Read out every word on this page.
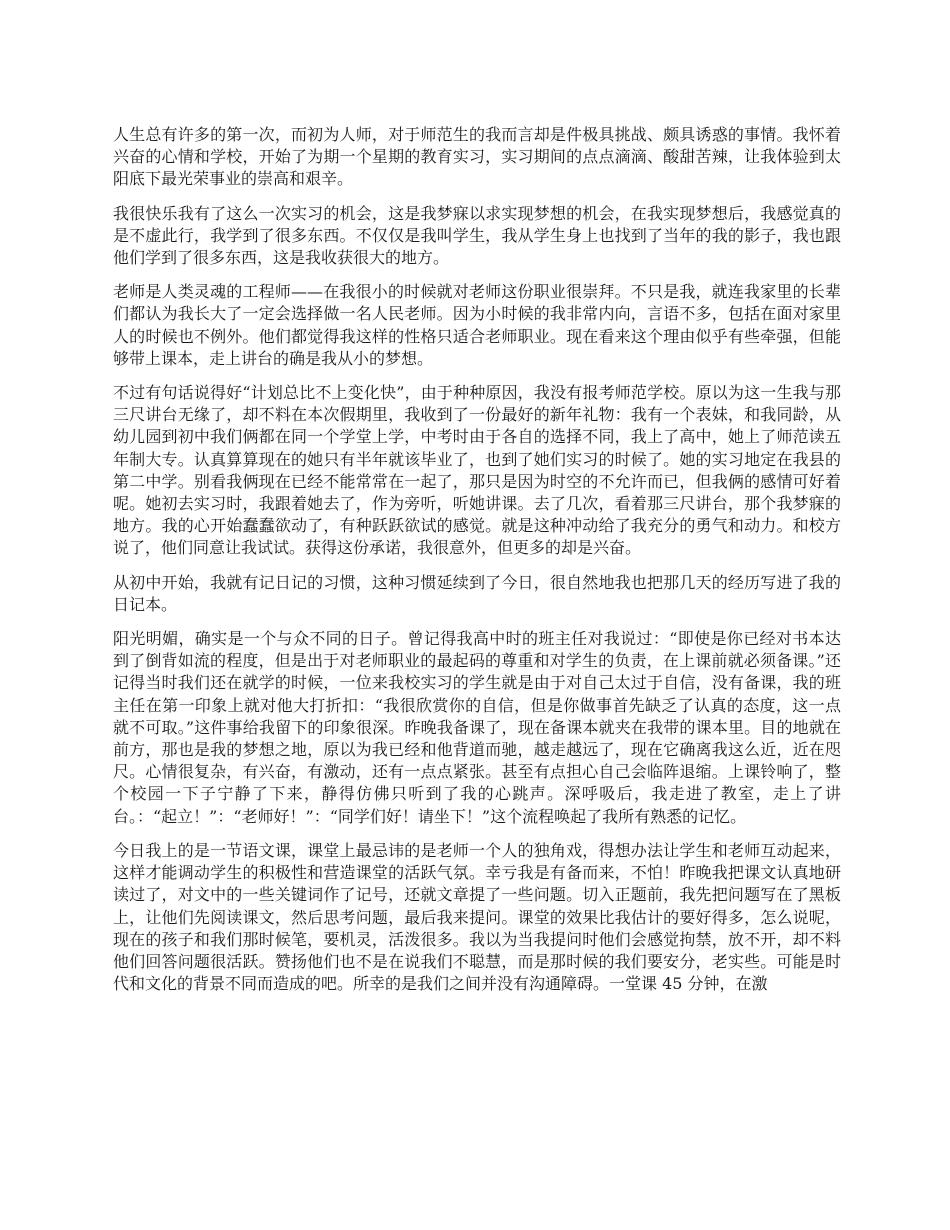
人生总有许多的第一次，而初为人师，对于师范生的我而言却是件极具挑战、颇具诱惑的事情。我怀着兴奋的心情和学校，开始了为期一个星期的教育实习，实习期间的点点滴滴、酸甜苦辣，让我体验到太阳底下最光荣事业的崇高和艰辛。

我很快乐我有了这么一次实习的机会，这是我梦寐以求实现梦想的机会，在我实现梦想后，我感觉真的是不虚此行，我学到了很多东西。不仅仅是我叫学生，我从学生身上也找到了当年的我的影子，我也跟他们学到了很多东西，这是我收获很大的地方。

老师是人类灵魂的工程师——在我很小的时候就对老师这份职业很崇拜。不只是我，就连我家里的长辈们都认为我长大了一定会选择做一名人民老师。因为小时候的我非常内向，言语不多，包括在面对家里人的时候也不例外。他们都觉得我这样的性格只适合老师职业。现在看来这个理由似乎有些牵强，但能够带上课本，走上讲台的确是我从小的梦想。

不过有句话说得好“计划总比不上变化快”，由于种种原因，我没有报考师范学校。原以为这一生我与那三尺讲台无缘了，却不料在本次假期里，我收到了一份最好的新年礼物：我有一个表妹，和我同龄，从幼儿园到初中我们俩都在同一个学堂上学，中考时由于各自的选择不同，我上了高中，她上了师范读五年制大专。认真算算现在的她只有半年就该毕业了，也到了她们实习的时候了。她的实习地定在我县的第二中学。别看我俩现在已经不能常常在一起了，那只是因为时空的不允许而已，但我俩的感情可好着呢。她初去实习时，我跟着她去了，作为旁听，听她讲课。去了几次，看着那三尺讲台，那个我梦寐的地方。我的心开始蠢蠢欲动了，有种跃跃欲试的感觉。就是这种冲动给了我充分的勇气和动力。和校方说了，他们同意让我试试。获得这份承诺，我很意外，但更多的却是兴奋。

从初中开始，我就有记日记的习惯，这种习惯延续到了今日，很自然地我也把那几天的经历写进了我的日记本。

阳光明媚，确实是一个与众不同的日子。曾记得我高中时的班主任对我说过：“即使是你已经对书本达到了倒背如流的程度，但是出于对老师职业的最起码的尊重和对学生的负责，在上课前就必须备课。”还记得当时我们还在就学的时候，一位来我校实习的学生就是由于对自己太过于自信，没有备课，我的班主任在第一印象上就对他大打折扣：“我很欣赏你的自信，但是你做事首先缺乏了认真的态度，这一点就不可取。”这件事给我留下的印象很深。昨晚我备课了，现在备课本就夹在我带的课本里。目的地就在前方，那也是我的梦想之地，原以为我已经和他背道而驰，越走越远了，现在它确离我这么近，近在咫尺。心情很复杂，有兴奋，有激动，还有一点点紧张。甚至有点担心自己会临阵退缩。上课铃响了，整个校园一下子宁静了下来，静得仿佛只听到了我的心跳声。深呼吸后，我走进了教室，走上了讲台。：“起立！”：“老师好！”：“同学们好！请坐下！”这个流程唤起了我所有熟悉的记忆。

今日我上的是一节语文课，课堂上最忌讳的是老师一个人的独角戏，得想办法让学生和老师互动起来，这样才能调动学生的积极性和营造课堂的活跃气氛。幸亏我是有备而来，不怕！昨晚我把课文认真地研读过了，对文中的一些关键词作了记号，还就文章提了一些问题。切入正题前，我先把问题写在了黑板上，让他们先阅读课文，然后思考问题，最后我来提问。课堂的效果比我估计的要好得多，怎么说呢，现在的孩子和我们那时候笔，要机灵，活泼很多。我以为当我提问时他们会感觉拘禁，放不开，却不料他们回答问题很活跃。赞扬他们也不是在说我们不聪慧，而是那时候的我们要安分，老实些。可能是时代和文化的背景不同而造成的吧。所幸的是我们之间并没有沟通障碍。一堂课 45 分钟，在激
